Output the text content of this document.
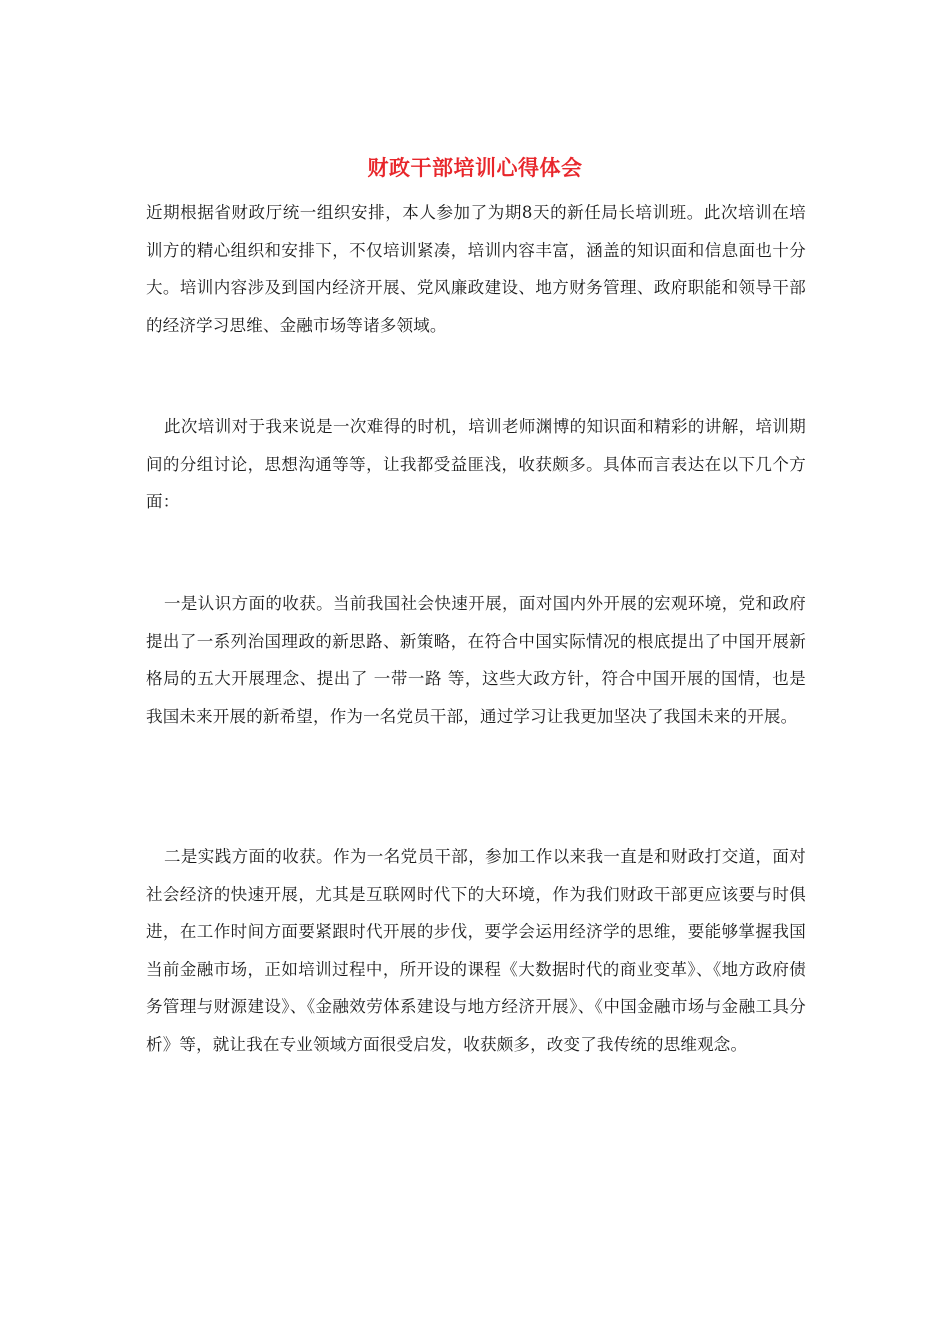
财政干部培训心得体会

近期根据省财政厅统一组织安排，本人参加了为期8天的新任局长培训班。此次培训在培训方的精心组织和安排下，不仅培训紧凑，培训内容丰富，涵盖的知识面和信息面也十分大。培训内容涉及到国内经济开展、党风廉政建设、地方财务管理、政府职能和领导干部的经济学习思维、金融市场等诸多领域。

此次培训对于我来说是一次难得的时机，培训老师渊博的知识面和精彩的讲解，培训期间的分组讨论，思想沟通等等，让我都受益匪浅，收获颇多。具体而言表达在以下几个方面：

一是认识方面的收获。当前我国社会快速开展，面对国内外开展的宏观环境，党和政府提出了一系列治国理政的新思路、新策略，在符合中国实际情况的根底提出了中国开展新格局的五大开展理念、提出了 一带一路 等，这些大政方针，符合中国开展的国情，也是我国未来开展的新希望，作为一名党员干部，通过学习让我更加坚决了我国未来的开展。

二是实践方面的收获。作为一名党员干部，参加工作以来我一直是和财政打交道，面对社会经济的快速开展，尤其是互联网时代下的大环境，作为我们财政干部更应该要与时俱进，在工作时间方面要紧跟时代开展的步伐，要学会运用经济学的思维，要能够掌握我国当前金融市场，正如培训过程中，所开设的课程《大数据时代的商业变革》、《地方政府债务管理与财源建设》、《金融效劳体系建设与地方经济开展》、《中国金融市场与金融工具分析》等，就让我在专业领域方面很受启发，收获颇多，改变了我传统的思维观念。
